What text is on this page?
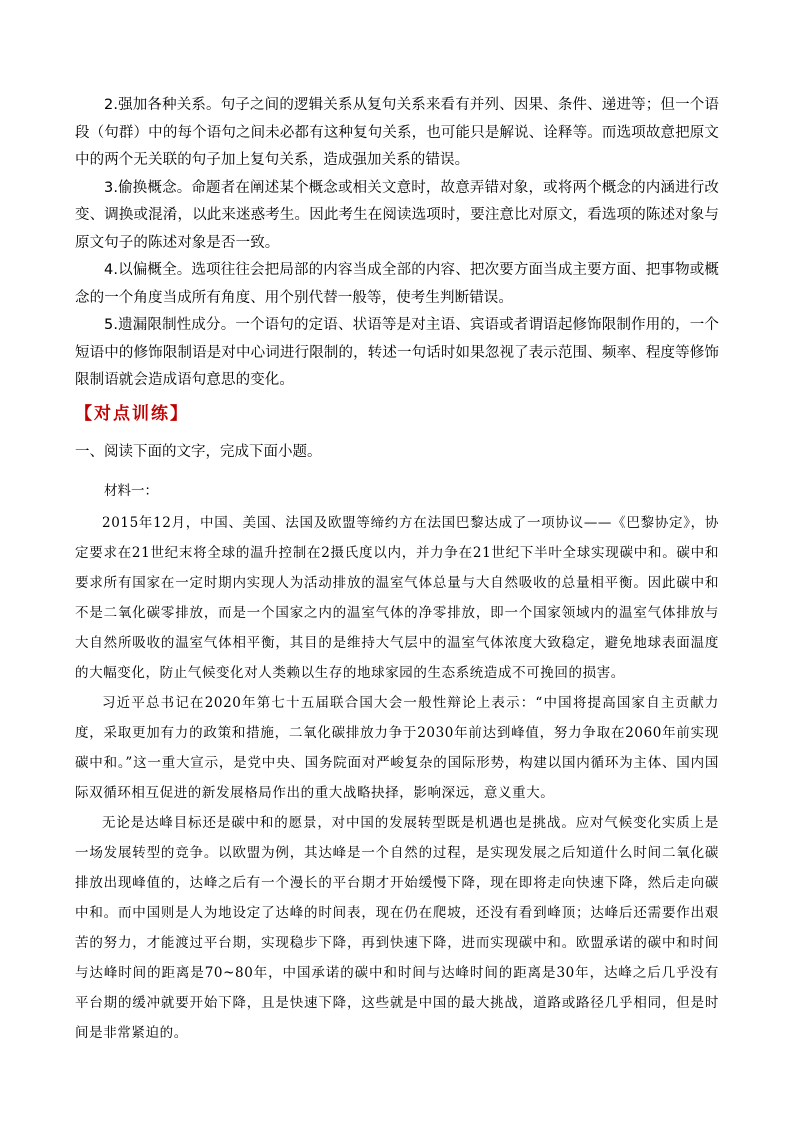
2.强加各种关系。句子之间的逻辑关系从复句关系来看有并列、因果、条件、递进等；但一个语段（句群）中的每个语句之间未必都有这种复句关系，也可能只是解说、诠释等。而选项故意把原文中的两个无关联的句子加上复句关系，造成强加关系的错误。

3.偷换概念。命题者在阐述某个概念或相关文意时，故意弄错对象，或将两个概念的内涵进行改变、调换或混淆，以此来迷惑考生。因此考生在阅读选项时，要注意比对原文，看选项的陈述对象与原文句子的陈述对象是否一致。

4.以偏概全。选项往往会把局部的内容当成全部的内容、把次要方面当成主要方面、把事物或概念的一个角度当成所有角度、用个别代替一般等，使考生判断错误。

5.遗漏限制性成分。一个语句的定语、状语等是对主语、宾语或者谓语起修饰限制作用的，一个短语中的修饰限制语是对中心词进行限制的，转述一句话时如果忽视了表示范围、频率、程度等修饰限制语就会造成语句意思的变化。

【对点训练】

一、阅读下面的文字，完成下面小题。

材料一：

2015年12月，中国、美国、法国及欧盟等缔约方在法国巴黎达成了一项协议——《巴黎协定》，协定要求在21世纪末将全球的温升控制在2摄氏度以内，并力争在21世纪下半叶全球实现碳中和。碳中和要求所有国家在一定时期内实现人为活动排放的温室气体总量与大自然吸收的总量相平衡。因此碳中和不是二氧化碳零排放，而是一个国家之内的温室气体的净零排放，即一个国家领域内的温室气体排放与大自然所吸收的温室气体相平衡，其目的是维持大气层中的温室气体浓度大致稳定，避免地球表面温度的大幅变化，防止气候变化对人类赖以生存的地球家园的生态系统造成不可挽回的损害。

习近平总书记在2020年第七十五届联合国大会一般性辩论上表示：“中国将提高国家自主贡献力度，采取更加有力的政策和措施，二氧化碳排放力争于2030年前达到峰值，努力争取在2060年前实现碳中和。”这一重大宣示，是党中央、国务院面对严峻复杂的国际形势，构建以国内循环为主体、国内国际双循环相互促进的新发展格局作出的重大战略抉择，影响深远，意义重大。

无论是达峰目标还是碳中和的愿景，对中国的发展转型既是机遇也是挑战。应对气候变化实质上是一场发展转型的竞争。以欧盟为例，其达峰是一个自然的过程，是实现发展之后知道什么时间二氧化碳排放出现峰值的，达峰之后有一个漫长的平台期才开始缓慢下降，现在即将走向快速下降，然后走向碳中和。而中国则是人为地设定了达峰的时间表，现在仍在爬坡，还没有看到峰顶；达峰后还需要作出艰苦的努力，才能渡过平台期，实现稳步下降，再到快速下降，进而实现碳中和。欧盟承诺的碳中和时间与达峰时间的距离是70~80年，中国承诺的碳中和时间与达峰时间的距离是30年，达峰之后几乎没有平台期的缓冲就要开始下降，且是快速下降，这些就是中国的最大挑战，道路或路径几乎相同，但是时间是非常紧迫的。
